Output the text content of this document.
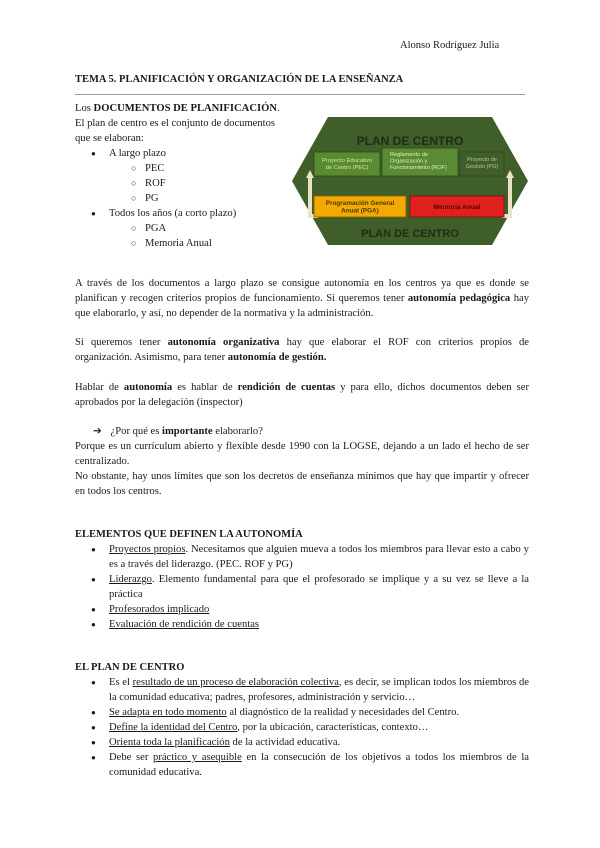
Alonso Rodríguez Julia
TEMA 5. PLANIFICACIÓN Y ORGANIZACIÓN DE LA ENSEÑANZA
Los DOCUMENTOS DE PLANIFICACIÓN.
El plan de centro es el conjunto de documentos
que se elaboran:
● A largo plazo
○ PEC
○ ROF
○ PG
● Todos los años (a corto plazo)
○ PGA
○ Memoria Anual
PLAN DE CENTRO
PLAN DE CENTRO
Proyecto Educativo de Centro (PEC)
Reglamento de Organización y Funcionamiento (ROF)
Proyecto de Gestión (PG)
Programación General Anual (PGA)	Memoria Anual
A través de los documentos a largo plazo se consigue autonomía en los centros ya que es donde se planifican y recogen criterios propios de funcionamiento. Si queremos tener autonomía pedagógica hay que elaborarlo, y así, no depender de la normativa y la administración.
Si queremos tener autonomía organizativa hay que elaborar el ROF con criterios propios de organización. Asimismo, para tener autonomía de gestión.
Hablar de autonomía es hablar de rendición de cuentas y para ello, dichos documentos deben ser aprobados por la delegación (inspector)
➔ ¿Por qué es importante elaborarlo?
Porque es un currículum abierto y flexible desde 1990 con la LOGSE, dejando a un lado el hecho de ser centralizado.
No obstante, hay unos límites que son los decretos de enseñanza mínimos que hay que impartir y ofrecer en todos los centros.
ELEMENTOS QUE DEFINEN LA AUTONOMÍA
● Proyectos propios. Necesitamos que alguien mueva a todos los miembros para llevar esto a cabo y es a través del liderazgo. (PEC. ROF y PG)
● Liderazgo. Elemento fundamental para que el profesorado se implique y a su vez se lleve a la práctica
● Profesorados implicado
● Evaluación de rendición de cuentas
EL PLAN DE CENTRO
● Es el resultado de un proceso de elaboración colectiva, es decir, se implican todos los miembros de la comunidad educativa; padres, profesores, administración y servicio…
● Se adapta en todo momento al diagnóstico de la realidad y necesidades del Centro.
● Define la identidad del Centro, por la ubicación, características, contexto…
● Orienta toda la planificación de la actividad educativa.
● Debe ser práctico y asequible en la consecución de los objetivos a todos los miembros de la comunidad educativa.
